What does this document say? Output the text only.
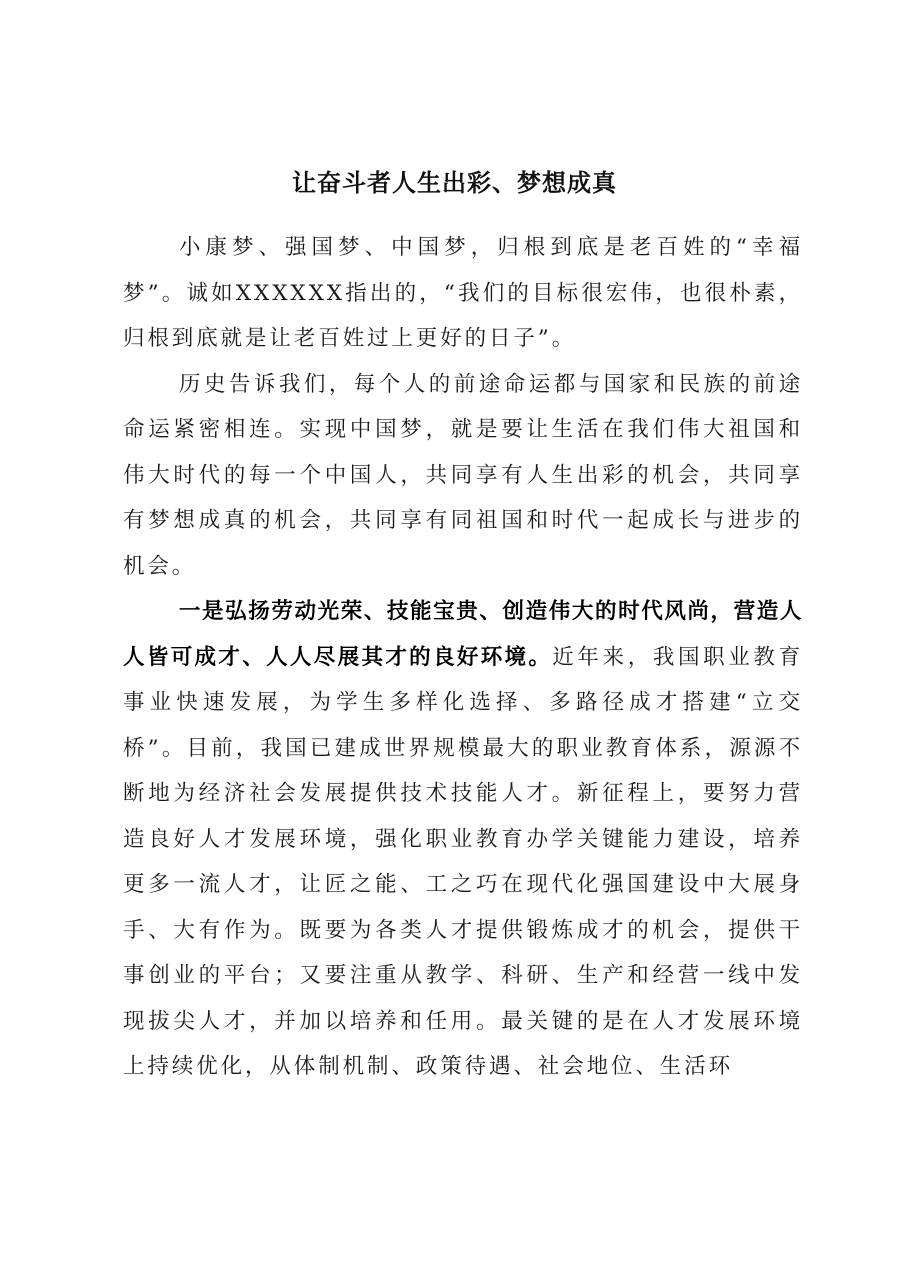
让奋斗者人生出彩、梦想成真

小康梦、强国梦、中国梦，归根到底是老百姓的“幸福梦”。诚如XXXXXX指出的，“我们的目标很宏伟，也很朴素，归根到底就是让老百姓过上更好的日子”。

历史告诉我们，每个人的前途命运都与国家和民族的前途命运紧密相连。实现中国梦，就是要让生活在我们伟大祖国和伟大时代的每一个中国人，共同享有人生出彩的机会，共同享有梦想成真的机会，共同享有同祖国和时代一起成长与进步的机会。

一是弘扬劳动光荣、技能宝贵、创造伟大的时代风尚，营造人人皆可成才、人人尽展其才的良好环境。近年来，我国职业教育事业快速发展，为学生多样化选择、多路径成才搭建“立交桥”。目前，我国已建成世界规模最大的职业教育体系，源源不断地为经济社会发展提供技术技能人才。新征程上，要努力营造良好人才发展环境，强化职业教育办学关键能力建设，培养更多一流人才，让匠之能、工之巧在现代化强国建设中大展身手、大有作为。既要为各类人才提供锻炼成才的机会，提供干事创业的平台；又要注重从教学、科研、生产和经营一线中发现拔尖人才，并加以培养和任用。最关键的是在人才发展环境上持续优化，从体制机制、政策待遇、社会地位、生活环
